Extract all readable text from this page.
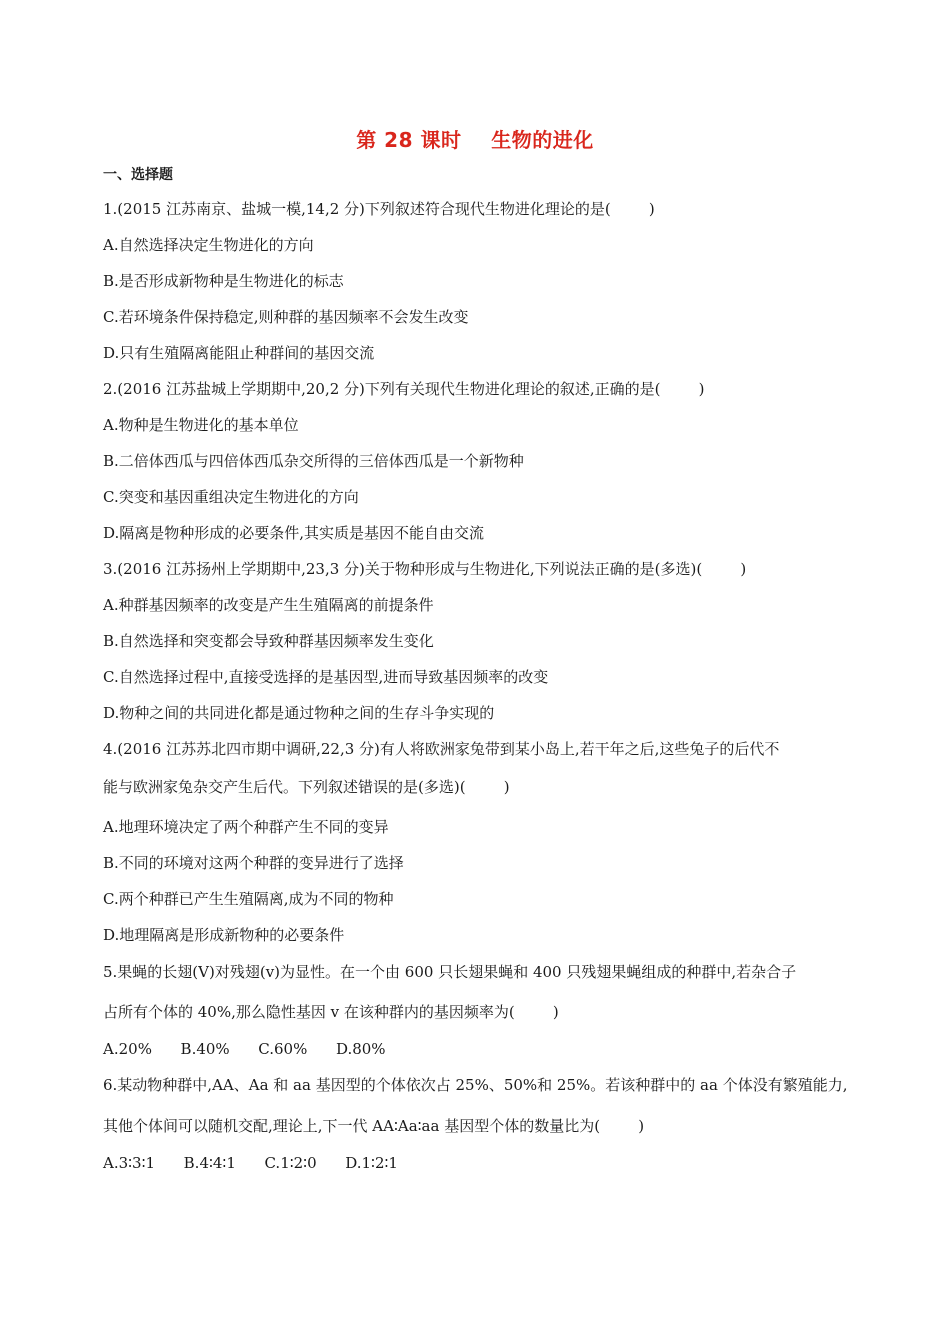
第 28 课时    生物的进化
一、选择题
1.(2015 江苏南京、盐城一模,14,2 分)下列叙述符合现代生物进化理论的是(        )
A.自然选择决定生物进化的方向
B.是否形成新物种是生物进化的标志
C.若环境条件保持稳定,则种群的基因频率不会发生改变
D.只有生殖隔离能阻止种群间的基因交流
2.(2016 江苏盐城上学期期中,20,2 分)下列有关现代生物进化理论的叙述,正确的是(        )
A.物种是生物进化的基本单位
B.二倍体西瓜与四倍体西瓜杂交所得的三倍体西瓜是一个新物种
C.突变和基因重组决定生物进化的方向
D.隔离是物种形成的必要条件,其实质是基因不能自由交流
3.(2016 江苏扬州上学期期中,23,3 分)关于物种形成与生物进化,下列说法正确的是(多选)(        )
A.种群基因频率的改变是产生生殖隔离的前提条件
B.自然选择和突变都会导致种群基因频率发生变化
C.自然选择过程中,直接受选择的是基因型,进而导致基因频率的改变
D.物种之间的共同进化都是通过物种之间的生存斗争实现的
4.(2016 江苏苏北四市期中调研,22,3 分)有人将欧洲家兔带到某小岛上,若干年之后,这些兔子的后代不
能与欧洲家兔杂交产生后代。下列叙述错误的是(多选)(        )
A.地理环境决定了两个种群产生不同的变异
B.不同的环境对这两个种群的变异进行了选择
C.两个种群已产生生殖隔离,成为不同的物种
D.地理隔离是形成新物种的必要条件
5.果蝇的长翅(V)对残翅(v)为显性。在一个由 600 只长翅果蝇和 400 只残翅果蝇组成的种群中,若杂合子
占所有个体的 40%,那么隐性基因 v 在该种群内的基因频率为(        )
A.20%      B.40%      C.60%      D.80%
6.某动物种群中,AA、Aa 和 aa 基因型的个体依次占 25%、50%和 25%。若该种群中的 aa 个体没有繁殖能力,
其他个体间可以随机交配,理论上,下一代 AA∶Aa∶aa 基因型个体的数量比为(        )
A.3∶3∶1      B.4∶4∶1      C.1∶2∶0      D.1∶2∶1
